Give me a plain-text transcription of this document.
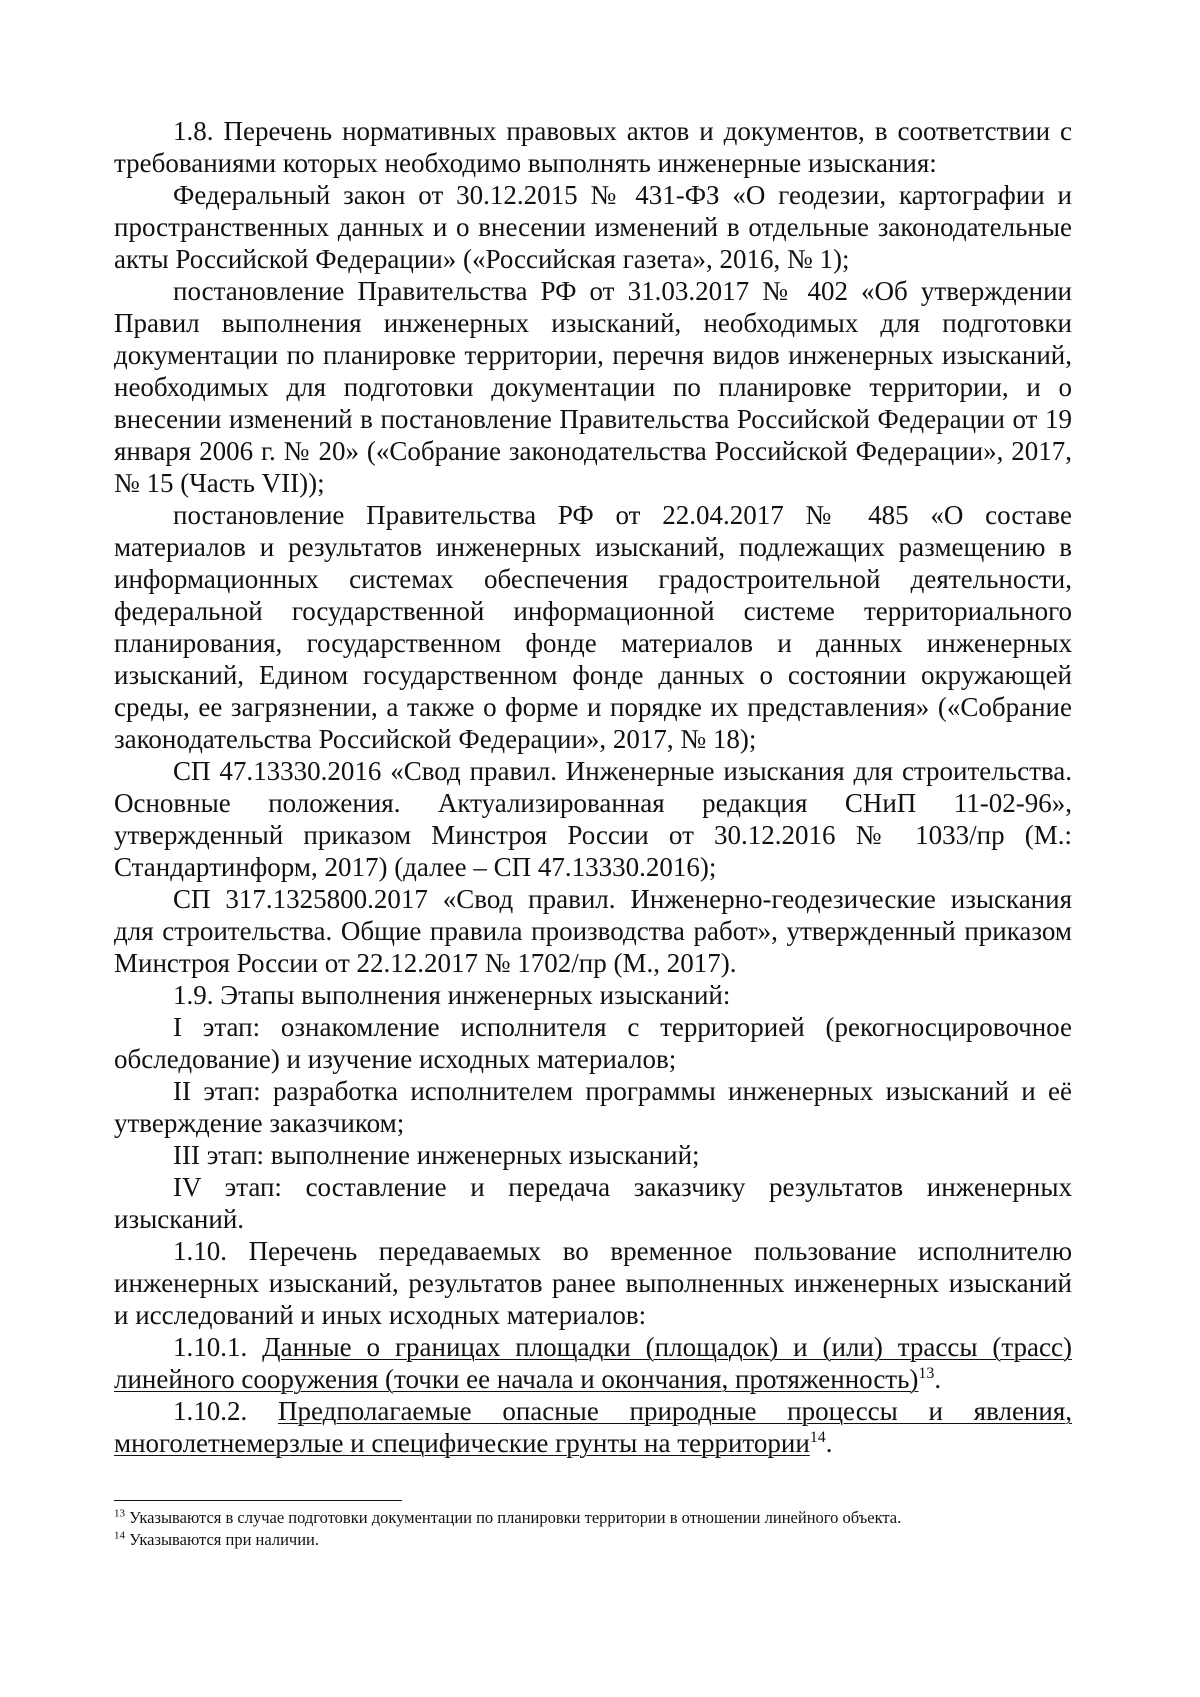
1.8. Перечень нормативных правовых актов и документов, в соответствии с требованиями которых необходимо выполнять инженерные изыскания:

Федеральный закон от 30.12.2015 № 431-ФЗ «О геодезии, картографии и пространственных данных и о внесении изменений в отдельные законодательные акты Российской Федерации» («Российская газета», 2016, № 1);

постановление Правительства РФ от 31.03.2017 № 402 «Об утверждении Правил выполнения инженерных изысканий, необходимых для подготовки документации по планировке территории, перечня видов инженерных изысканий, необходимых для подготовки документации по планировке территории, и о внесении изменений в постановление Правительства Российской Федерации от 19 января 2006 г. № 20» («Собрание законодательства Российской Федерации», 2017, № 15 (Часть VII));

постановление Правительства РФ от 22.04.2017 № 485 «О составе материалов и результатов инженерных изысканий, подлежащих размещению в информационных системах обеспечения градостроительной деятельности, федеральной государственной информационной системе территориального планирования, государственном фонде материалов и данных инженерных изысканий, Едином государственном фонде данных о состоянии окружающей среды, ее загрязнении, а также о форме и порядке их представления» («Собрание законодательства Российской Федерации», 2017, № 18);

СП 47.13330.2016 «Свод правил. Инженерные изыскания для строительства. Основные положения. Актуализированная редакция СНиП 11-02-96», утвержденный приказом Минстроя России от 30.12.2016 № 1033/пр (М.: Стандартинформ, 2017) (далее – СП 47.13330.2016);

СП 317.1325800.2017 «Свод правил. Инженерно-геодезические изыскания для строительства. Общие правила производства работ», утвержденный приказом Минстроя России от 22.12.2017 № 1702/пр (М., 2017).

1.9. Этапы выполнения инженерных изысканий:

I этап: ознакомление исполнителя с территорией (рекогносцировочное обследование) и изучение исходных материалов;

II этап: разработка исполнителем программы инженерных изысканий и её утверждение заказчиком;

III этап: выполнение инженерных изысканий;

IV этап: составление и передача заказчику результатов инженерных изысканий.

1.10. Перечень передаваемых во временное пользование исполнителю инженерных изысканий, результатов ранее выполненных инженерных изысканий и исследований и иных исходных материалов:

1.10.1. Данные о границах площадки (площадок) и (или) трассы (трасс) линейного сооружения (точки ее начала и окончания, протяженность)$^{13}$.

1.10.2. Предполагаемые опасные природные процессы и явления, многолетнемерзлые и специфические грунты на территории$^{14}$.

$^{13}$ Указываются в случае подготовки документации по планировки территории в отношении линейного объекта.

$^{14}$ Указываются при наличии.
